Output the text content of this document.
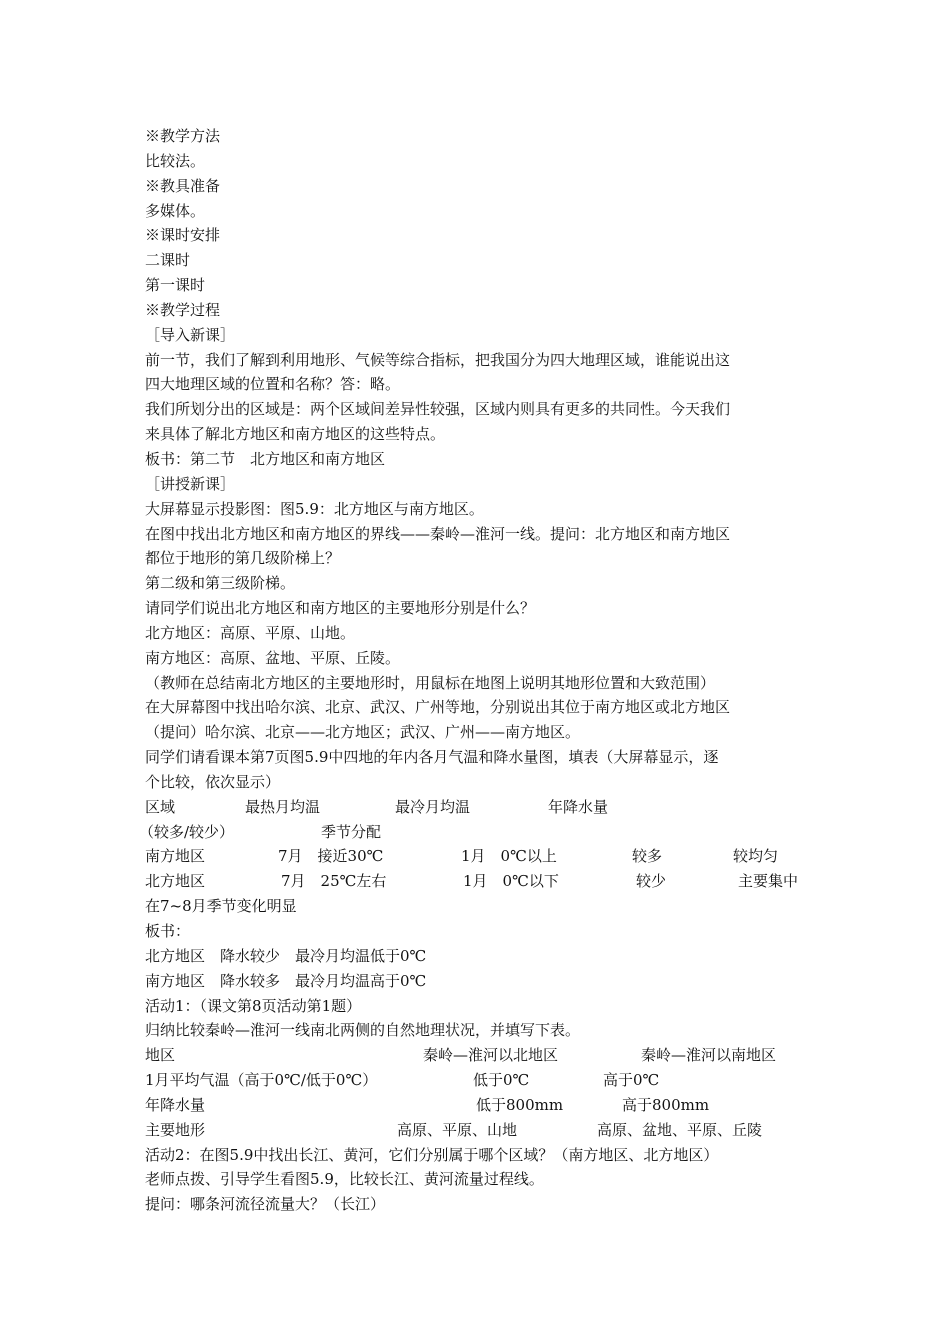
※教学方法
比较法。
※教具准备
多媒体。
※课时安排
二课时
第一课时
※教学过程
［导入新课］
前一节，我们了解到利用地形、气候等综合指标，把我国分为四大地理区域，谁能说出这
四大地理区域的位置和名称？答：略。
我们所划分出的区域是：两个区域间差异性较强，区域内则具有更多的共同性。今天我们
来具体了解北方地区和南方地区的这些特点。
板书：第二节　北方地区和南方地区
［讲授新课］
大屏幕显示投影图：图5.9：北方地区与南方地区。
在图中找出北方地区和南方地区的界线——秦岭—淮河一线。提问：北方地区和南方地区
都位于地形的第几级阶梯上？
第二级和第三级阶梯。
请同学们说出北方地区和南方地区的主要地形分别是什么？
北方地区：高原、平原、山地。
南方地区：高原、盆地、平原、丘陵。
（教师在总结南北方地区的主要地形时，用鼠标在地图上说明其地形位置和大致范围）
在大屏幕图中找出哈尔滨、北京、武汉、广州等地，分别说出其位于南方地区或北方地区
（提问）哈尔滨、北京——北方地区；武汉、广州——南方地区。
同学们请看课本第7页图5.9中四地的年内各月气温和降水量图，填表（大屏幕显示，逐
个比较，依次显示）
区域	最热月均温	最冷月均温	年降水量
（较多/较少）	季节分配
南方地区	7月　接近30℃	1月　0℃以上	较多	较均匀
北方地区	7月　25℃左右	1月　0℃以下	较少	主要集中
在7~8月季节变化明显
板书：
北方地区　降水较少　最冷月均温低于0℃
南方地区　降水较多　最冷月均温高于0℃
活动1：（课文第8页活动第1题）
归纳比较秦岭—淮河一线南北两侧的自然地理状况，并填写下表。
地区	秦岭—淮河以北地区	秦岭—淮河以南地区
1月平均气温（高于0℃/低于0℃）	低于0℃	高于0℃
年降水量	低于800mm	高于800mm
主要地形	高原、平原、山地	高原、盆地、平原、丘陵
活动2：在图5.9中找出长江、黄河，它们分别属于哪个区域？（南方地区、北方地区）
老师点拨、引导学生看图5.9，比较长江、黄河流量过程线。
提问：哪条河流径流量大？（长江）
